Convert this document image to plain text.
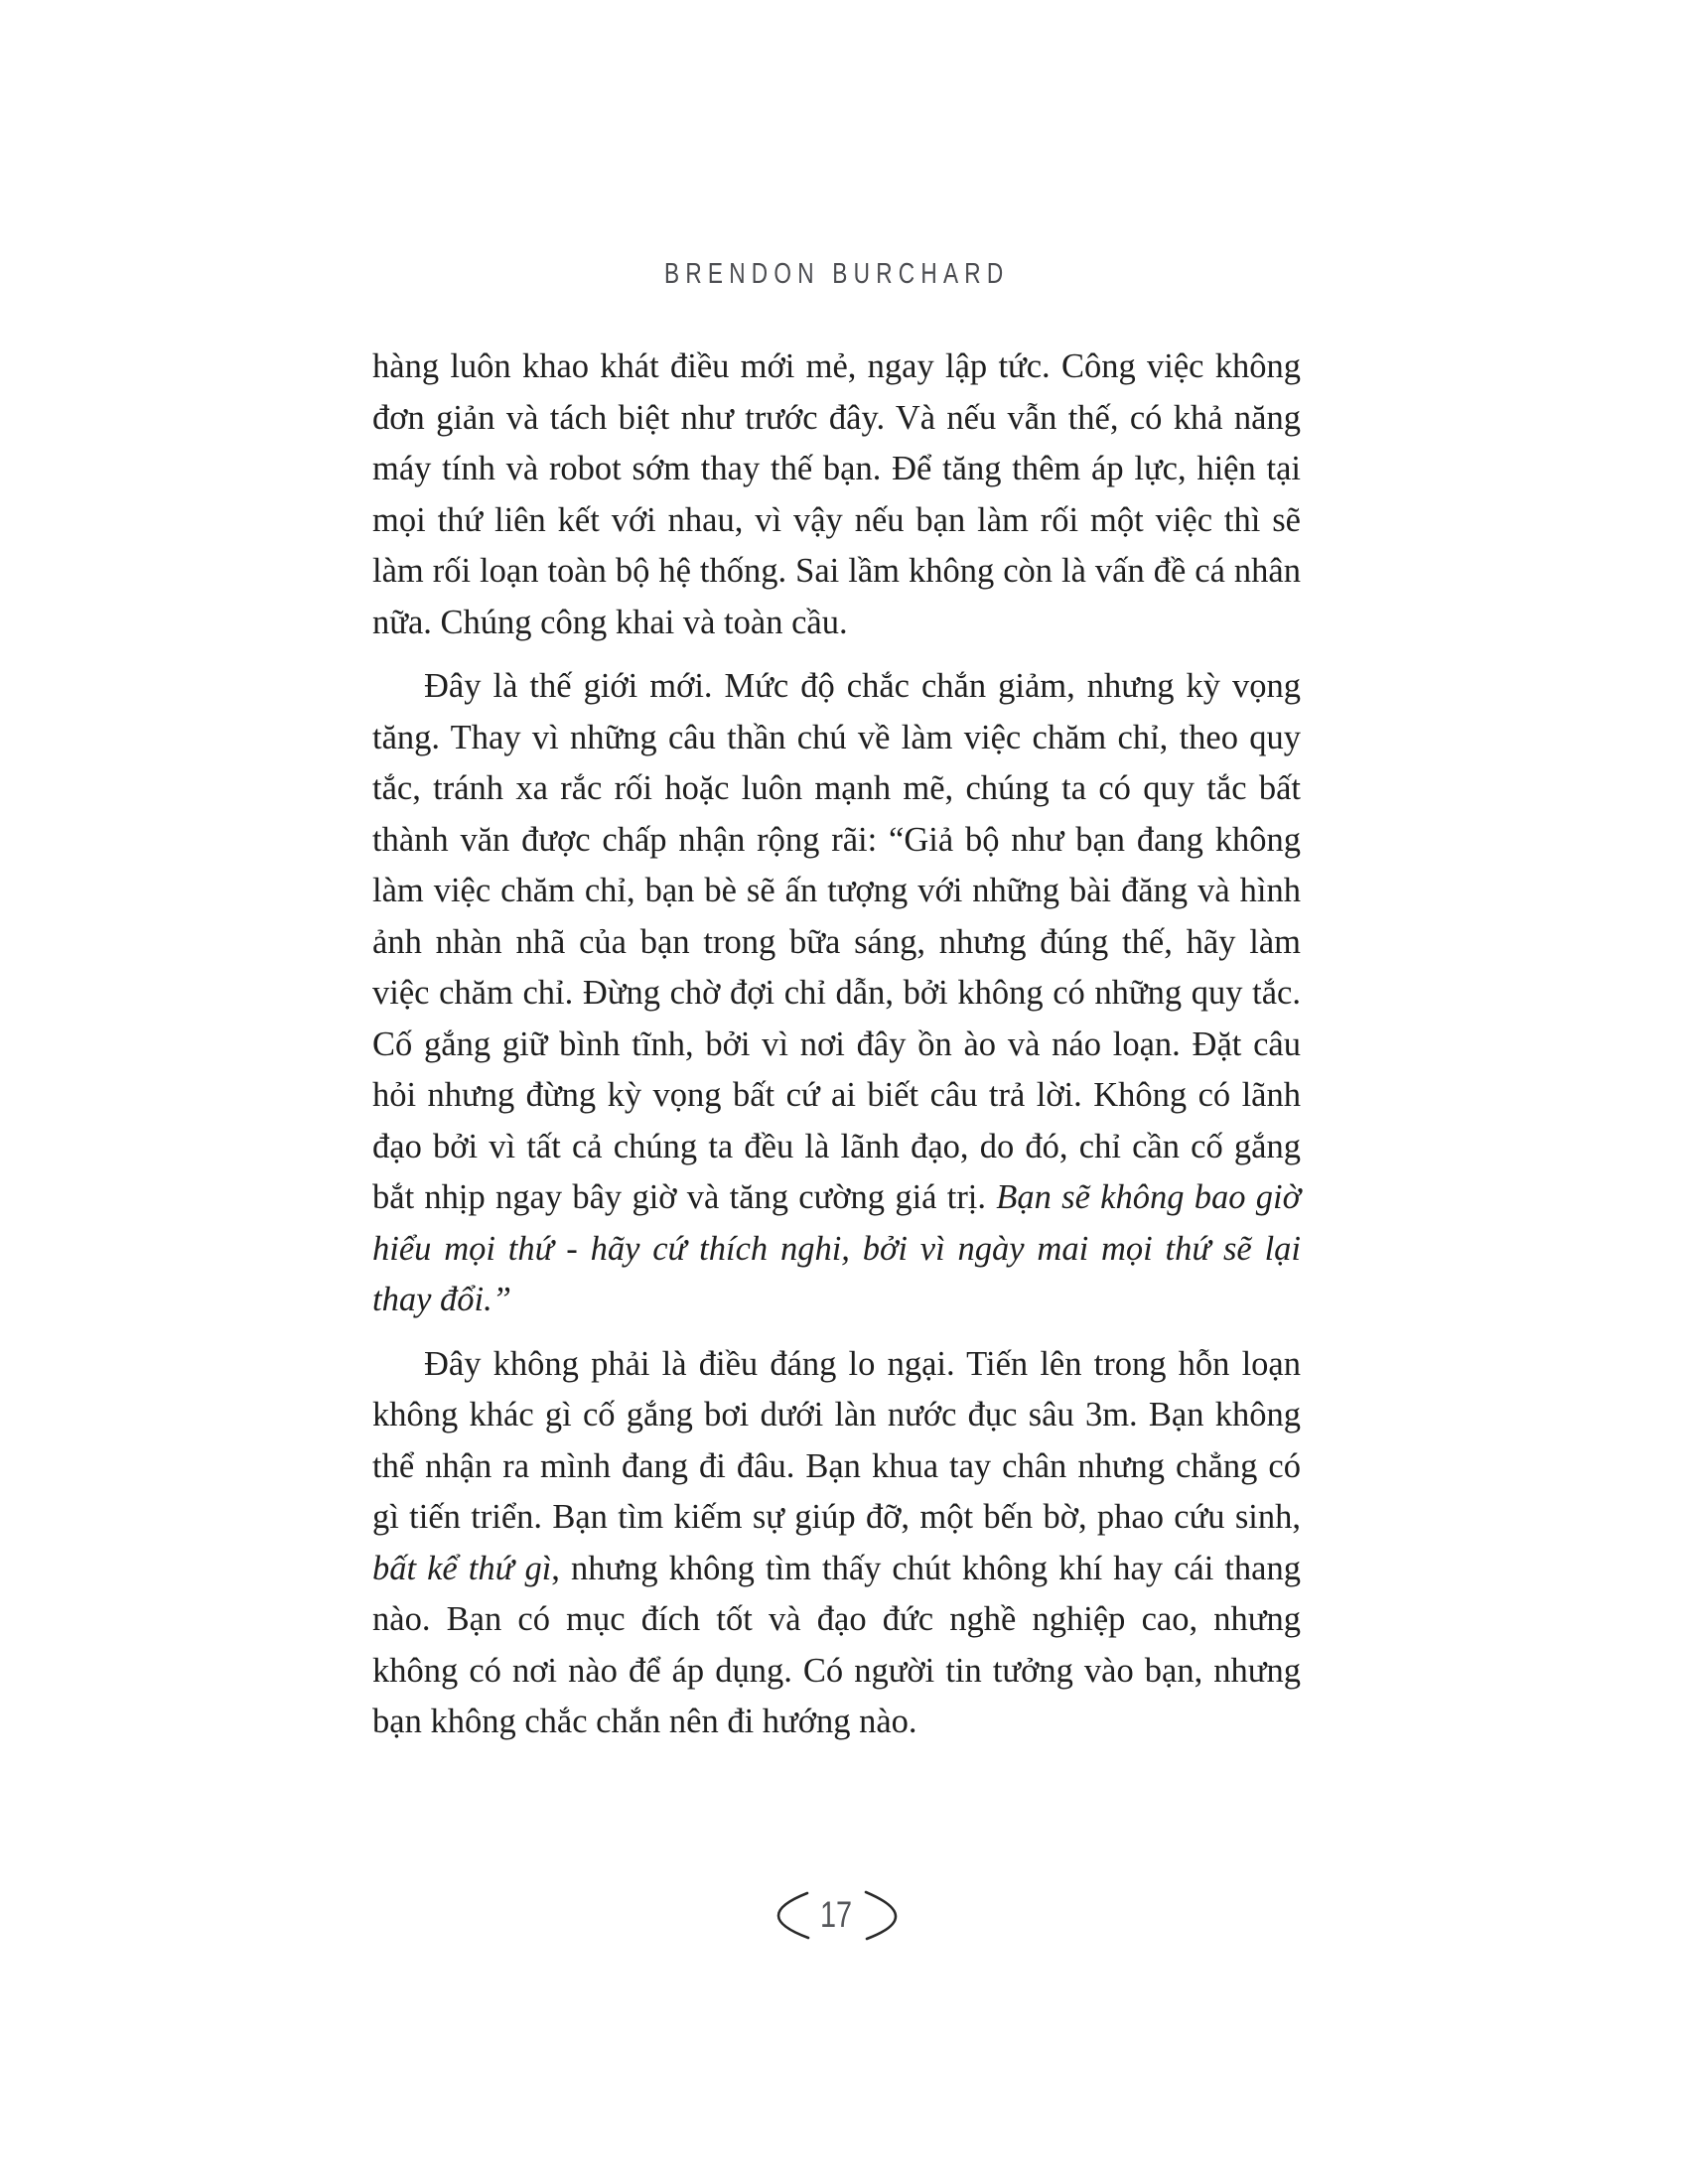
BRENDON BURCHARD

hàng luôn khao khát điều mới mẻ, ngay lập tức. Công việc không đơn giản và tách biệt như trước đây. Và nếu vẫn thế, có khả năng máy tính và robot sớm thay thế bạn. Để tăng thêm áp lực, hiện tại mọi thứ liên kết với nhau, vì vậy nếu bạn làm rối một việc thì sẽ làm rối loạn toàn bộ hệ thống. Sai lầm không còn là vấn đề cá nhân nữa. Chúng công khai và toàn cầu.

Đây là thế giới mới. Mức độ chắc chắn giảm, nhưng kỳ vọng tăng. Thay vì những câu thần chú về làm việc chăm chỉ, theo quy tắc, tránh xa rắc rối hoặc luôn mạnh mẽ, chúng ta có quy tắc bất thành văn được chấp nhận rộng rãi: “Giả bộ như bạn đang không làm việc chăm chỉ, bạn bè sẽ ấn tượng với những bài đăng và hình ảnh nhàn nhã của bạn trong bữa sáng, nhưng đúng thế, hãy làm việc chăm chỉ. Đừng chờ đợi chỉ dẫn, bởi không có những quy tắc. Cố gắng giữ bình tĩnh, bởi vì nơi đây ồn ào và náo loạn. Đặt câu hỏi nhưng đừng kỳ vọng bất cứ ai biết câu trả lời. Không có lãnh đạo bởi vì tất cả chúng ta đều là lãnh đạo, do đó, chỉ cần cố gắng bắt nhịp ngay bây giờ và tăng cường giá trị. Bạn sẽ không bao giờ hiểu mọi thứ - hãy cứ thích nghi, bởi vì ngày mai mọi thứ sẽ lại thay đổi.”

Đây không phải là điều đáng lo ngại. Tiến lên trong hỗn loạn không khác gì cố gắng bơi dưới làn nước đục sâu 3m. Bạn không thể nhận ra mình đang đi đâu. Bạn khua tay chân nhưng chẳng có gì tiến triển. Bạn tìm kiếm sự giúp đỡ, một bến bờ, phao cứu sinh, bất kể thứ gì, nhưng không tìm thấy chút không khí hay cái thang nào. Bạn có mục đích tốt và đạo đức nghề nghiệp cao, nhưng không có nơi nào để áp dụng. Có người tin tưởng vào bạn, nhưng bạn không chắc chắn nên đi hướng nào.

17
